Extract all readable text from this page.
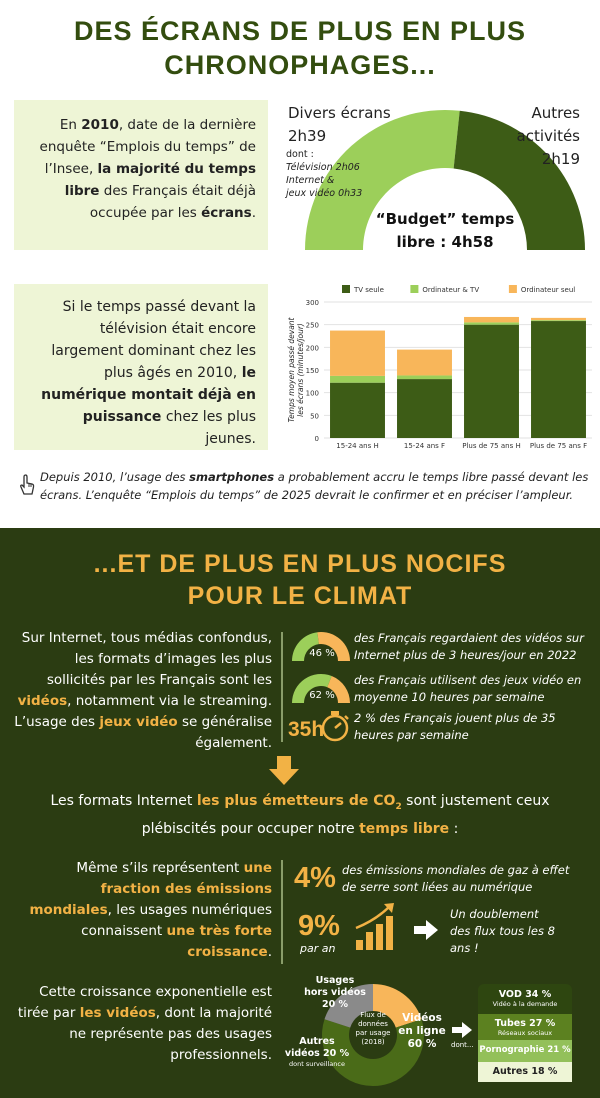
DES ÉCRANS DE PLUS EN PLUS
CHRONOPHAGES...
En 2010, date de la dernière enquête “Emplois du temps” de l’Insee, la majorité du temps libre des Français était déjà occupée par les écrans.
Divers écrans
2h39
dont :
Télévision 2h06
Internet &
jeux vidéo 0h33
Autres
activités
2h19
“Budget” temps
libre : 4h58
Si le temps passé devant la télévision était encore largement dominant chez les plus âgés en 2010, le numérique montait déjà en puissance chez les plus jeunes.	0
50
100
150
200
250
300
Temps moyen passé devantles écrans (minutes/jour)
15-24 ans H	15-24 ans F Plus de 75 ans H Plus de 75 ans F
TV seule	Ordinateur & TV	Ordinateur seul
Depuis 2010, l’usage des smartphones a probablement accru le temps libre passé devant les écrans. L’enquête “Emplois du temps” de 2025 devrait le confirmer et en préciser l’ampleur.
...ET DE PLUS EN PLUS NOCIFS
POUR LE CLIMAT
Sur Internet, tous médias confondus, les formats d’images les plus sollicités par les Français sont les vidéos, notamment via le streaming. L’usage des jeux vidéo se généralise également.
46 %
des Français regardaient des vidéos sur Internet plus de 3 heures/jour en 2022
62 %
des Français utilisent des jeux vidéo en moyenne 10 heures par semaine
35h	2 % des Français jouent plus de 35 heures par semaine
Les formats Internet les plus émetteurs de $CO_2$ sont justement ceux plébiscités pour occuper notre temps libre :
Même s’ils représentent une fraction des émissions mondiales, les usages numériques connaissent une très forte croissance.
4% des émissions mondiales de gaz à effet de serre sont liées au numérique
9%
par an
Un doublement des flux tous les 8 ans !
Cette croissance exponentielle est tirée par les vidéos, dont la majorité ne représente pas des usages professionnels.
Flux de
données
par usage
(2018)
Usages
hors vidéos
20 %
Vidéos
en ligne
60 %
Autres
vidéos 20 %
dont surveillance
dont...
VOD 34 %
Vidéo à la demande
Tubes 27 %
Réseaux sociaux
Pornographie 21 %
Autres 18 %
